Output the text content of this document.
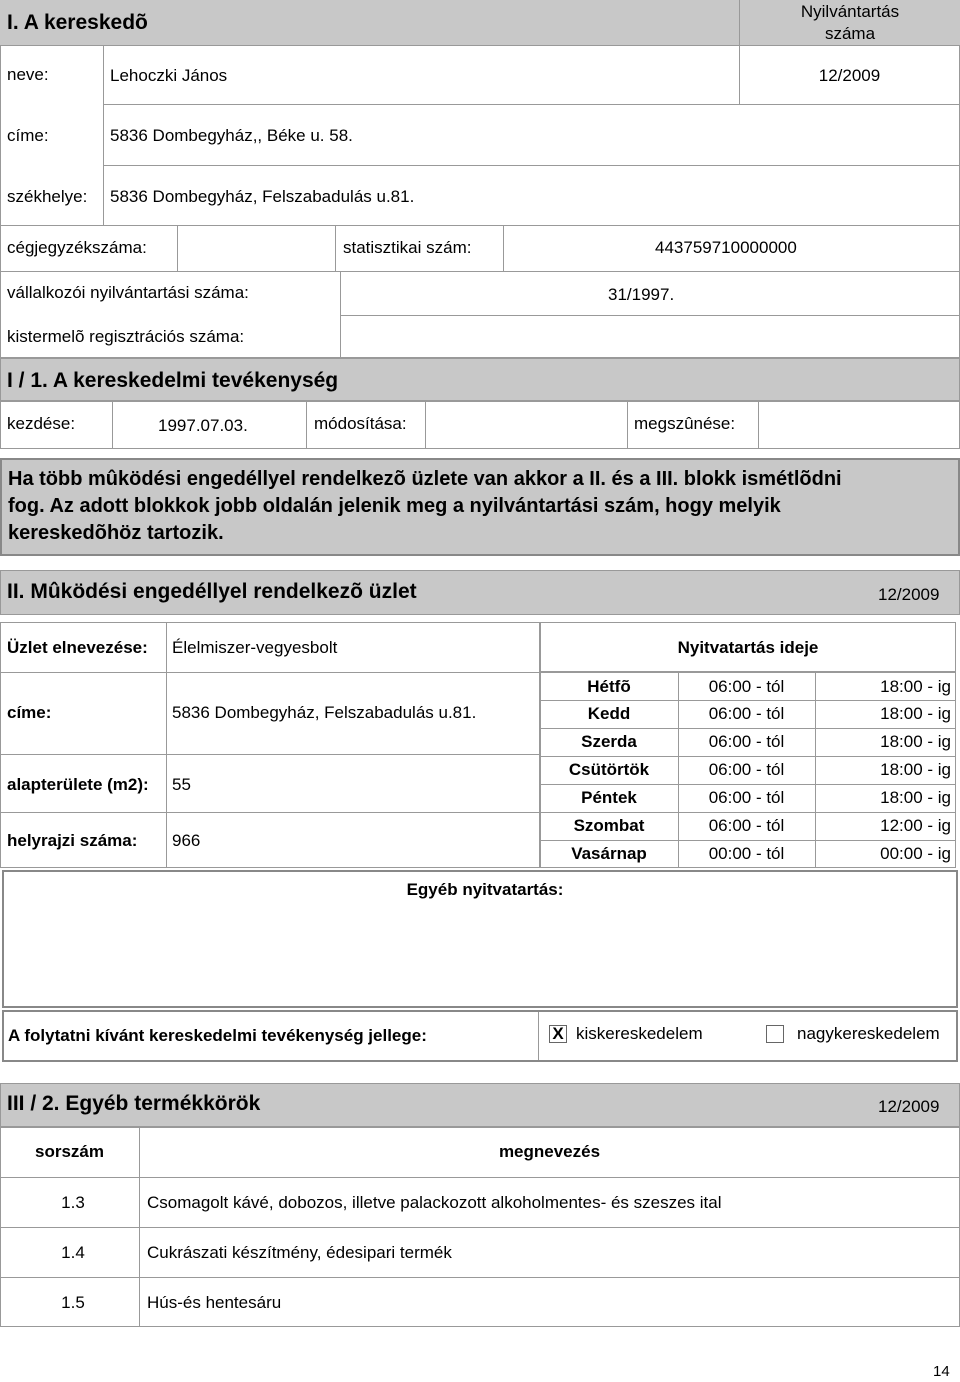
I. A kereskedõ	Nyilvántartás
száma
neve:	Lehoczki János	12/2009
címe:	5836 Dombegyház,, Béke u. 58.
székhelye: 5836 Dombegyház, Felszabadulás u.81.
cégjegyzékszáma:	statisztikai szám:	443759710000000
vállalkozói nyilvántartási száma:	31/1997.
kistermelõ regisztrációs száma:
I / 1. A kereskedelmi tevékenység
kezdése:	1997.07.03.	módosítása:	megszûnése:
Ha több mûködési engedéllyel rendelkezõ üzlete van akkor a II. és a III. blokk ismétlõdni
fog. Az adott blokkok jobb oldalán jelenik meg a nyilvántartási szám, hogy melyik
kereskedõhöz tartozik.
II. Mûködési engedéllyel rendelkezõ üzlet	12/2009
Üzlet elnevezése: Élelmiszer-vegyesbolt	Nyitvatartás ideje
címe:	5836 Dombegyház, Felszabadulás u.81.
alapterülete (m2): 55
helyrajzi száma: 966
Hétfõ	06:00 - tól	18:00 - ig
Kedd	06:00 - tól	18:00 - ig
Szerda	06:00 - tól	18:00 - ig
Csütörtök	06:00 - tól	18:00 - ig
Péntek	06:00 - tól	18:00 - ig
Szombat	06:00 - tól	12:00 - ig
Vasárnap	00:00 - tól	00:00 - ig
Egyéb nyitvatartás:
A folytatni kívánt kereskedelmi tevékenység jellege:	X kiskereskedelem	nagykereskedelem
III / 2. Egyéb termékkörök	12/2009
sorszám	megnevezés
1.3	Csomagolt kávé, dobozos, illetve palackozott alkoholmentes- és szeszes ital
1.4	Cukrászati készítmény, édesipari termék
1.5	Hús-és hentesáru
14
